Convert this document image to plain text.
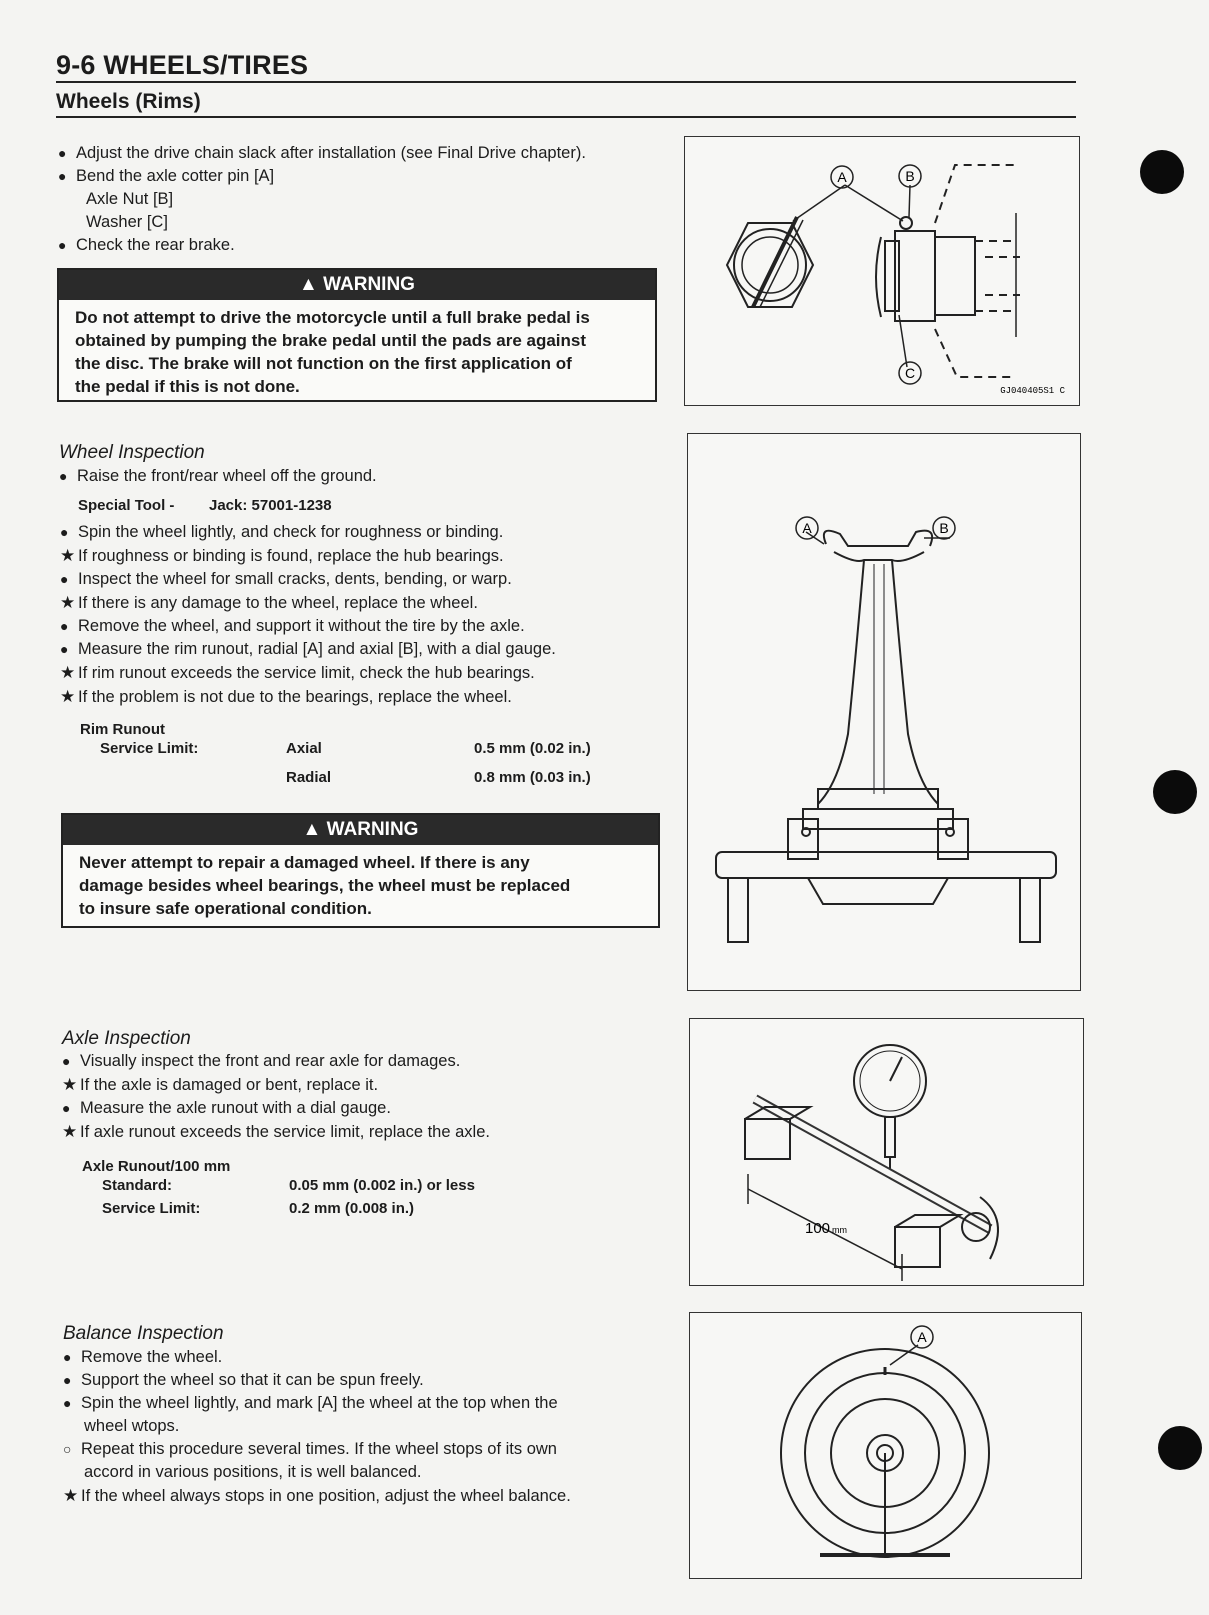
9-6 WHEELS/TIRES
Wheels (Rims)
● Adjust the drive chain slack after installation (see Final Drive chapter).
● Bend the axle cotter pin [A]
Axle Nut [B]
Washer [C]
● Check the rear brake.
▲ WARNING
Do not attempt to drive the motorcycle until a full brake pedal is
obtained by pumping the brake pedal until the pads are against
the disc. The brake will not function on the first application of
the pedal if this is not done.
Wheel Inspection
● Raise the front/rear wheel off the ground.
Special Tool - Jack: 57001-1238
● Spin the wheel lightly, and check for roughness or binding.
★ If roughness or binding is found, replace the hub bearings.
● Inspect the wheel for small cracks, dents, bending, or warp.
★ If there is any damage to the wheel, replace the wheel.
● Remove the wheel, and support it without the tire by the axle.
● Measure the rim runout, radial [A] and axial [B], with a dial gauge.
★ If rim runout exceeds the service limit, check the hub bearings.
★ If the problem is not due to the bearings, replace the wheel.
Rim Runout
Service Limit:	Axial	0.5 mm (0.02 in.)
Radial	0.8 mm (0.03 in.)
▲ WARNING
Never attempt to repair a damaged wheel. If there is any
damage besides wheel bearings, the wheel must be replaced
to insure safe operational condition.
Axle Inspection
● Visually inspect the front and rear axle for damages.
★ If the axle is damaged or bent, replace it.
● Measure the axle runout with a dial gauge.
★ If axle runout exceeds the service limit, replace the axle.
Axle Runout/100 mm
Standard:	0.05 mm (0.002 in.) or less
Service Limit:	0.2 mm (0.008 in.)
Balance Inspection
● Remove the wheel.
● Support the wheel so that it can be spun freely.
● Spin the wheel lightly, and mark [A] the wheel at the top when the
wheel wtops.
○ Repeat this procedure several times. If the wheel stops of its own
accord in various positions, it is well balanced.
★ If the wheel always stops in one position, adjust the wheel balance.
A	B
C
GJ040405S1 C
A	B
100 mm
A
